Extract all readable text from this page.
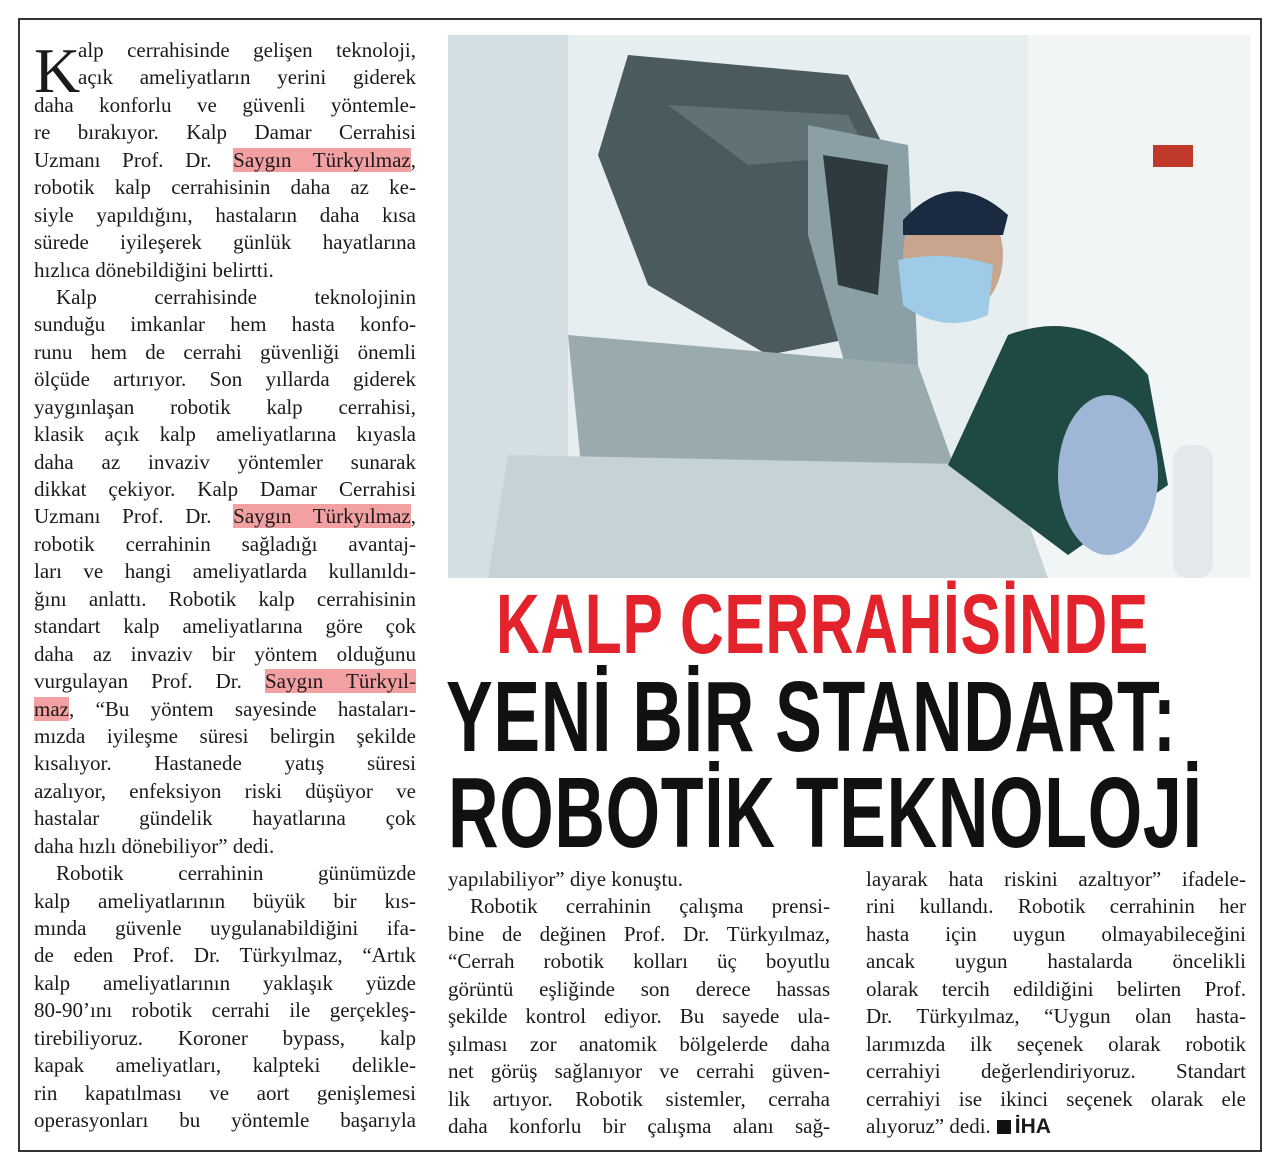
KALP CERRAHİSİNDE
YENİ BİR STANDART:
ROBOTİK TEKNOLOJİ
K
alp cerrahisinde gelişen teknoloji,
açık ameliyatların yerini giderek
daha konforlu ve güvenli yöntemle-
re bırakıyor. Kalp Damar Cerrahisi
Uzmanı Prof. Dr. Saygın Türkyılmaz,
robotik kalp cerrahisinin daha az ke-
siyle yapıldığını, hastaların daha kısa
sürede iyileşerek günlük hayatlarına
hızlıca dönebildiğini belirtti.
Kalp cerrahisinde teknolojinin
sunduğu imkanlar hem hasta konfo-
runu hem de cerrahi güvenliği önemli
ölçüde artırıyor. Son yıllarda giderek
yaygınlaşan robotik kalp cerrahisi,
klasik açık kalp ameliyatlarına kıyasla
daha az invaziv yöntemler sunarak
dikkat çekiyor. Kalp Damar Cerrahisi
Uzmanı Prof. Dr. Saygın Türkyılmaz,
robotik cerrahinin sağladığı avantaj-
ları ve hangi ameliyatlarda kullanıldı-
ğını anlattı. Robotik kalp cerrahisinin
standart kalp ameliyatlarına göre çok
daha az invaziv bir yöntem olduğunu
vurgulayan Prof. Dr. Saygın Türkyıl-
maz, “Bu yöntem sayesinde hastaları-
mızda iyileşme süresi belirgin şekilde
kısalıyor. Hastanede yatış süresi
azalıyor, enfeksiyon riski düşüyor ve
hastalar gündelik hayatlarına çok
daha hızlı dönebiliyor” dedi.
Robotik cerrahinin günümüzde
kalp ameliyatlarının büyük bir kıs-
mında güvenle uygulanabildiğini ifa-
de eden Prof. Dr. Türkyılmaz, “Artık
kalp ameliyatlarının yaklaşık yüzde
80-90’ını robotik cerrahi ile gerçekleş-
tirebiliyoruz. Koroner bypass, kalp
kapak ameliyatları, kalpteki delikle-
rin kapatılması ve aort genişlemesi
operasyonları bu yöntemle başarıyla
yapılabiliyor” diye konuştu.
Robotik cerrahinin çalışma prensi-
bine de değinen Prof. Dr. Türkyılmaz,
“Cerrah robotik kolları üç boyutlu
görüntü eşliğinde son derece hassas
şekilde kontrol ediyor. Bu sayede ula-
şılması zor anatomik bölgelerde daha
net görüş sağlanıyor ve cerrahi güven-
lik artıyor. Robotik sistemler, cerraha
daha konforlu bir çalışma alanı sağ-
layarak hata riskini azaltıyor” ifadele-
rini kullandı. Robotik cerrahinin her
hasta için uygun olmayabileceğini
ancak uygun hastalarda öncelikli
olarak tercih edildiğini belirten Prof.
Dr. Türkyılmaz, “Uygun olan hasta-
larımızda ilk seçenek olarak robotik
cerrahiyi değerlendiriyoruz. Standart
cerrahiyi ise ikinci seçenek olarak ele
alıyoruz” dedi. İHA
